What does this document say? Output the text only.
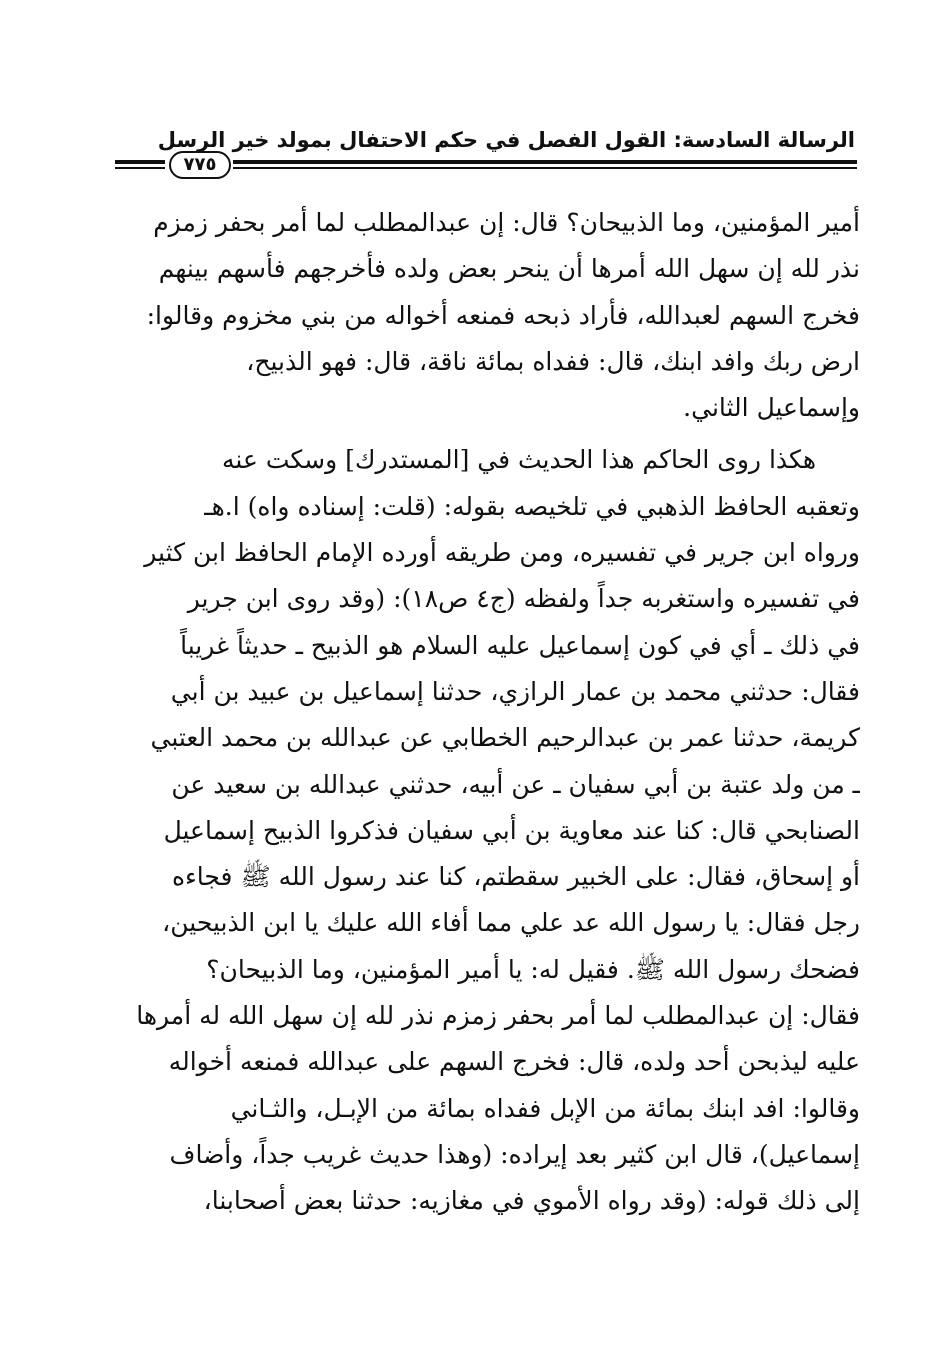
الرسالة السادسة: القول الفصل في حكم الاحتفال بمولد خير الرسل
٧٧٥
أمير المؤمنين، وما الذبيحان؟ قال: إن عبدالمطلب لما أمر بحفر زمزم
نذر لله إن سهل الله أمرها أن ينحر بعض ولده فأخرجهم فأسهم بينهم
فخرج السهم لعبدالله، فأراد ذبحه فمنعه أخواله من بني مخزوم وقالوا:
ارض ربك وافد ابنك، قال: ففداه بمائة ناقة، قال: فهو الذبيح،
وإسماعيل الثاني.
هكذا روى الحاكم هذا الحديث في [المستدرك] وسكت عنه
وتعقبه الحافظ الذهبي في تلخيصه بقوله: (قلت: إسناده واه) ا.هـ
ورواه ابن جرير في تفسيره، ومن طريقه أورده الإمام الحافظ ابن كثير
في تفسيره واستغربه جداً ولفظه (ج٤ ص١٨): (وقد روى ابن جرير
في ذلك ـ أي في كون إسماعيل عليه السلام هو الذبيح ـ حديثاً غريباً
فقال: حدثني محمد بن عمار الرازي، حدثنا إسماعيل بن عبيد بن أبي
كريمة، حدثنا عمر بن عبدالرحيم الخطابي عن عبدالله بن محمد العتبي
ـ من ولد عتبة بن أبي سفيان ـ عن أبيه، حدثني عبدالله بن سعيد عن
الصنابحي قال: كنا عند معاوية بن أبي سفيان فذكروا الذبيح إسماعيل
أو إسحاق، فقال: على الخبير سقطتم، كنا عند رسول الله ﷺ فجاءه
رجل فقال: يا رسول الله عد علي مما أفاء الله عليك يا ابن الذبيحين،
فضحك رسول الله ﷺ. فقيل له: يا أمير المؤمنين، وما الذبيحان؟
فقال: إن عبدالمطلب لما أمر بحفر زمزم نذر لله إن سهل الله له أمرها
عليه ليذبحن أحد ولده، قال: فخرج السهم على عبدالله فمنعه أخواله
وقالوا: افد ابنك بمائة من الإبل ففداه بمائة من الإبـل، والثـاني
إسماعيل)، قال ابن كثير بعد إيراده: (وهذا حديث غريب جداً، وأضاف
إلى ذلك قوله: (وقد رواه الأموي في مغازيه: حدثنا بعض أصحابنا،
